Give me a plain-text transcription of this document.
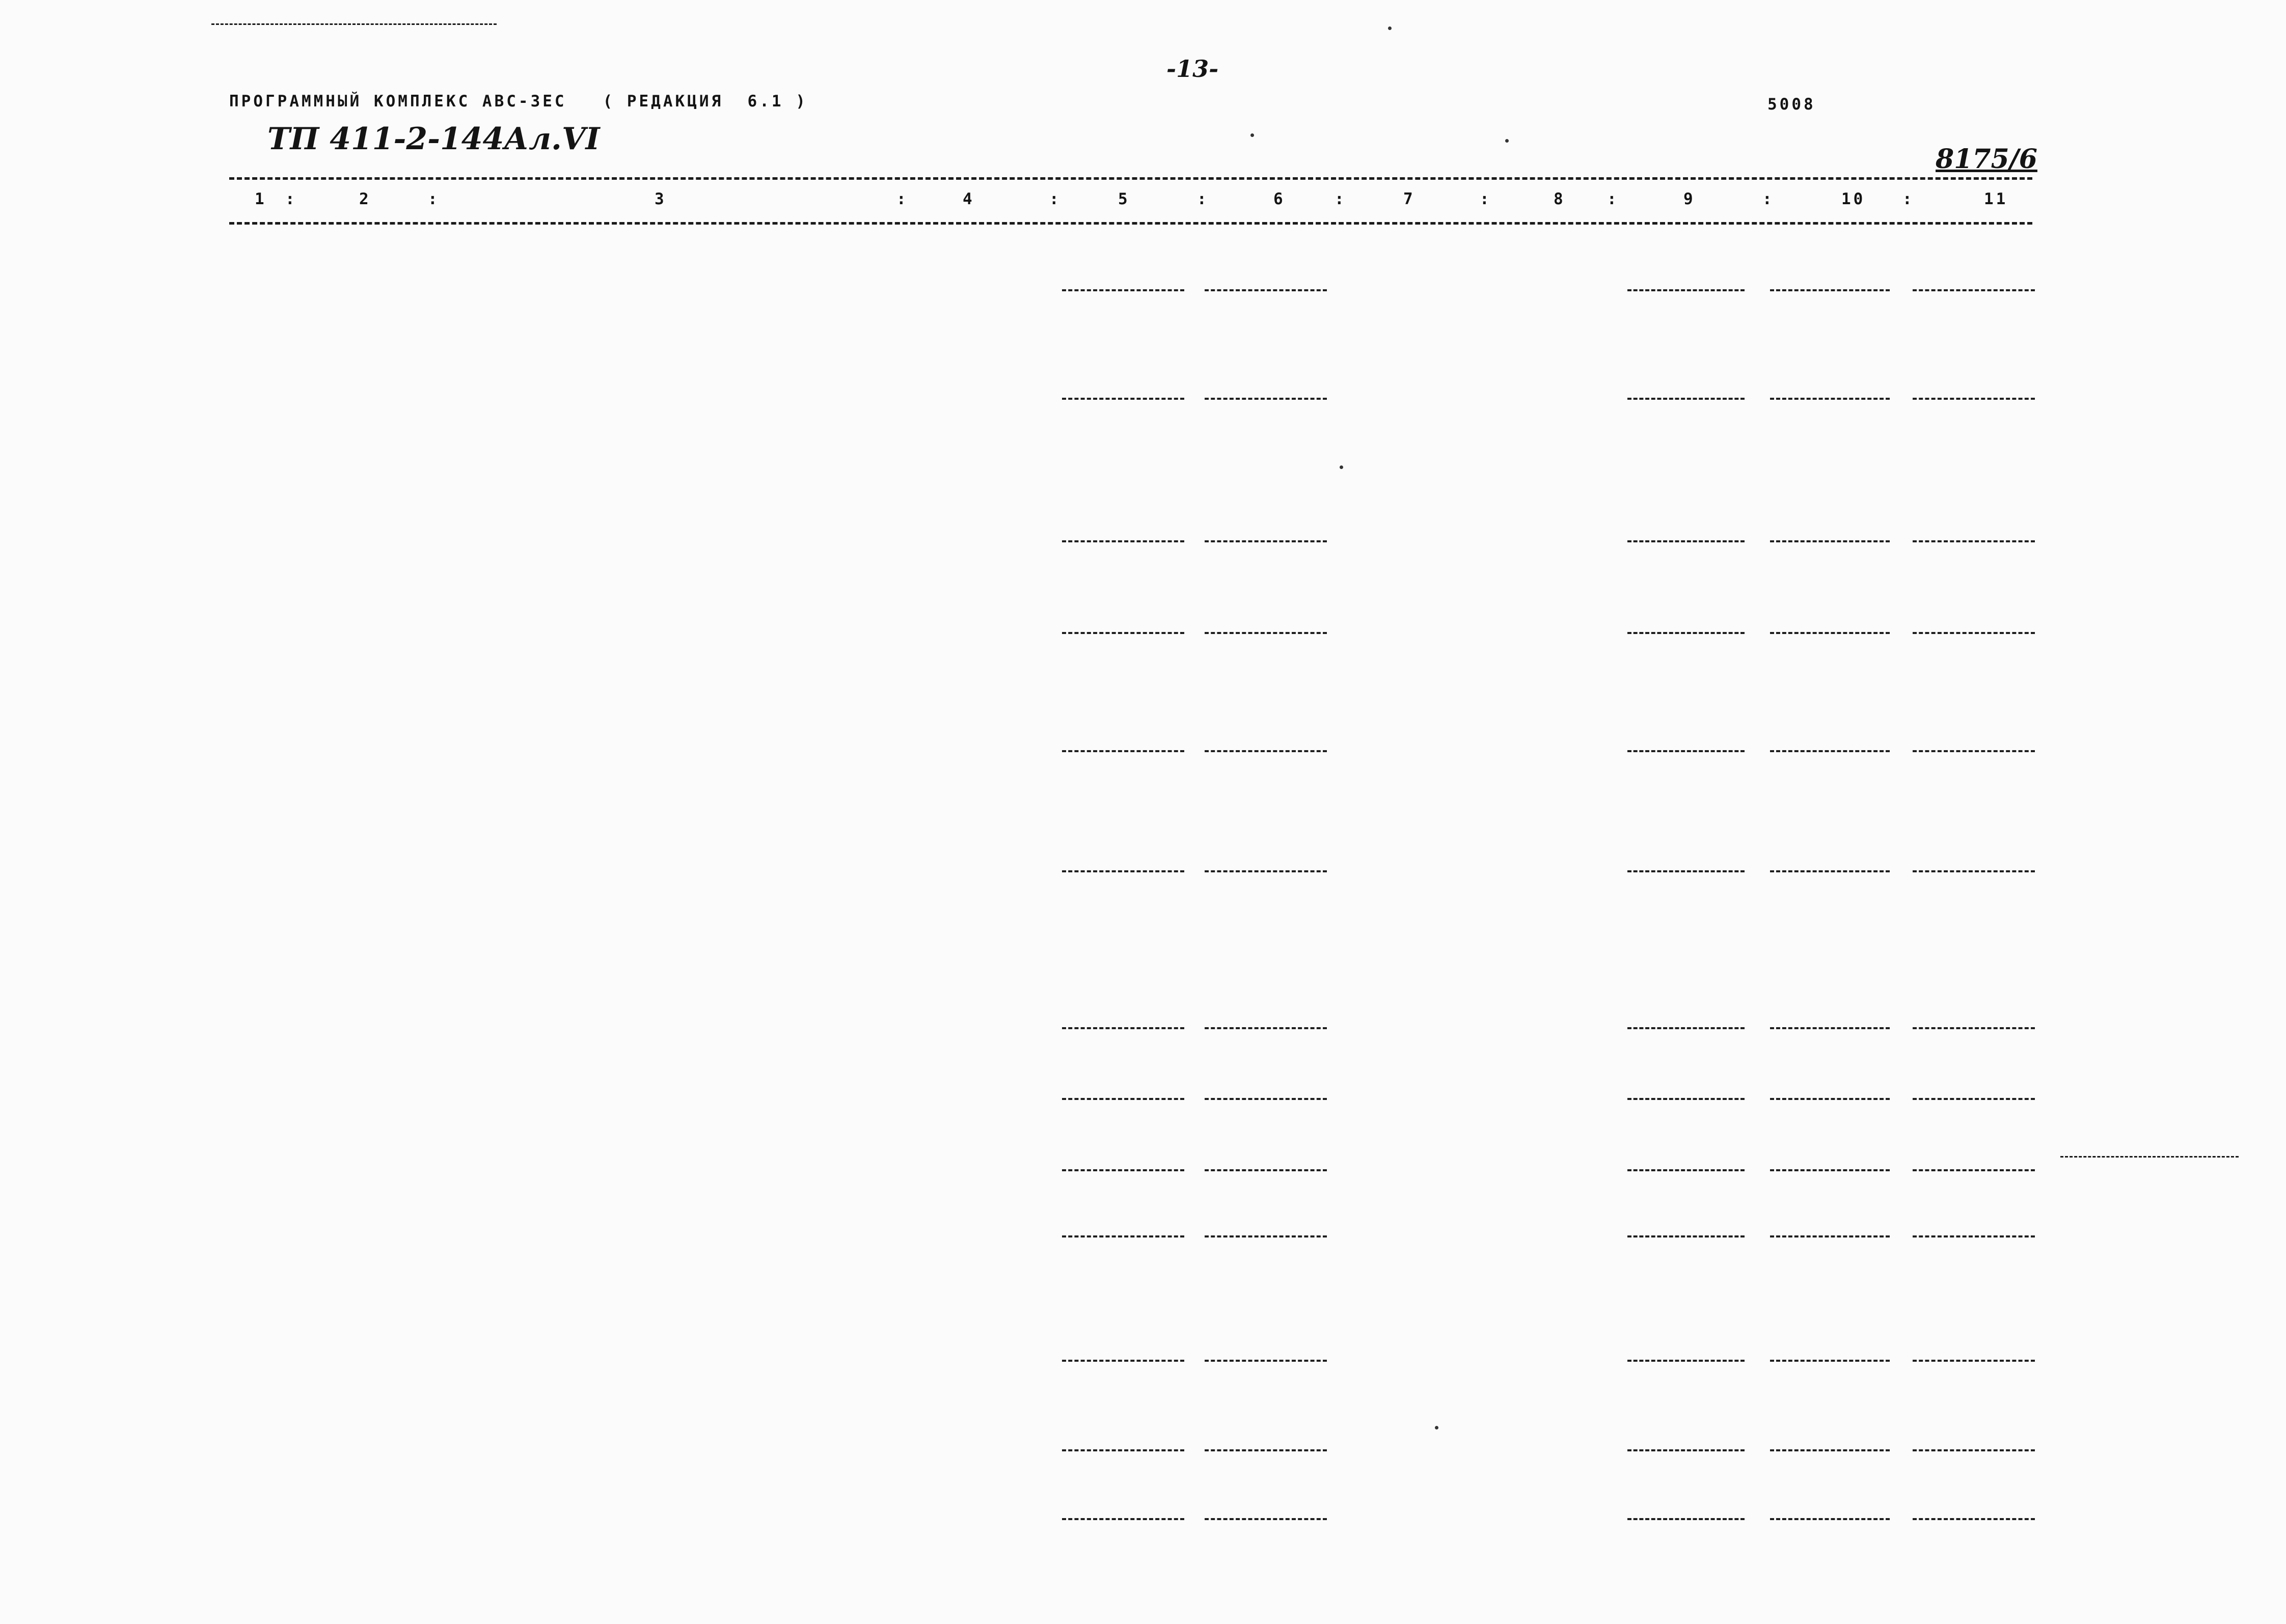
ПРОГРАММНЫЙ КОМПЛЕКС АВС-3ЕС   ( РЕДАКЦИЯ  6.1 )
-13-
5008
ТП 411-2-144Ал.VI
8175/6
1	2	3	4	5	6	7	8	9	10	11
:	:	:	:	:	:	:	:	:	:
